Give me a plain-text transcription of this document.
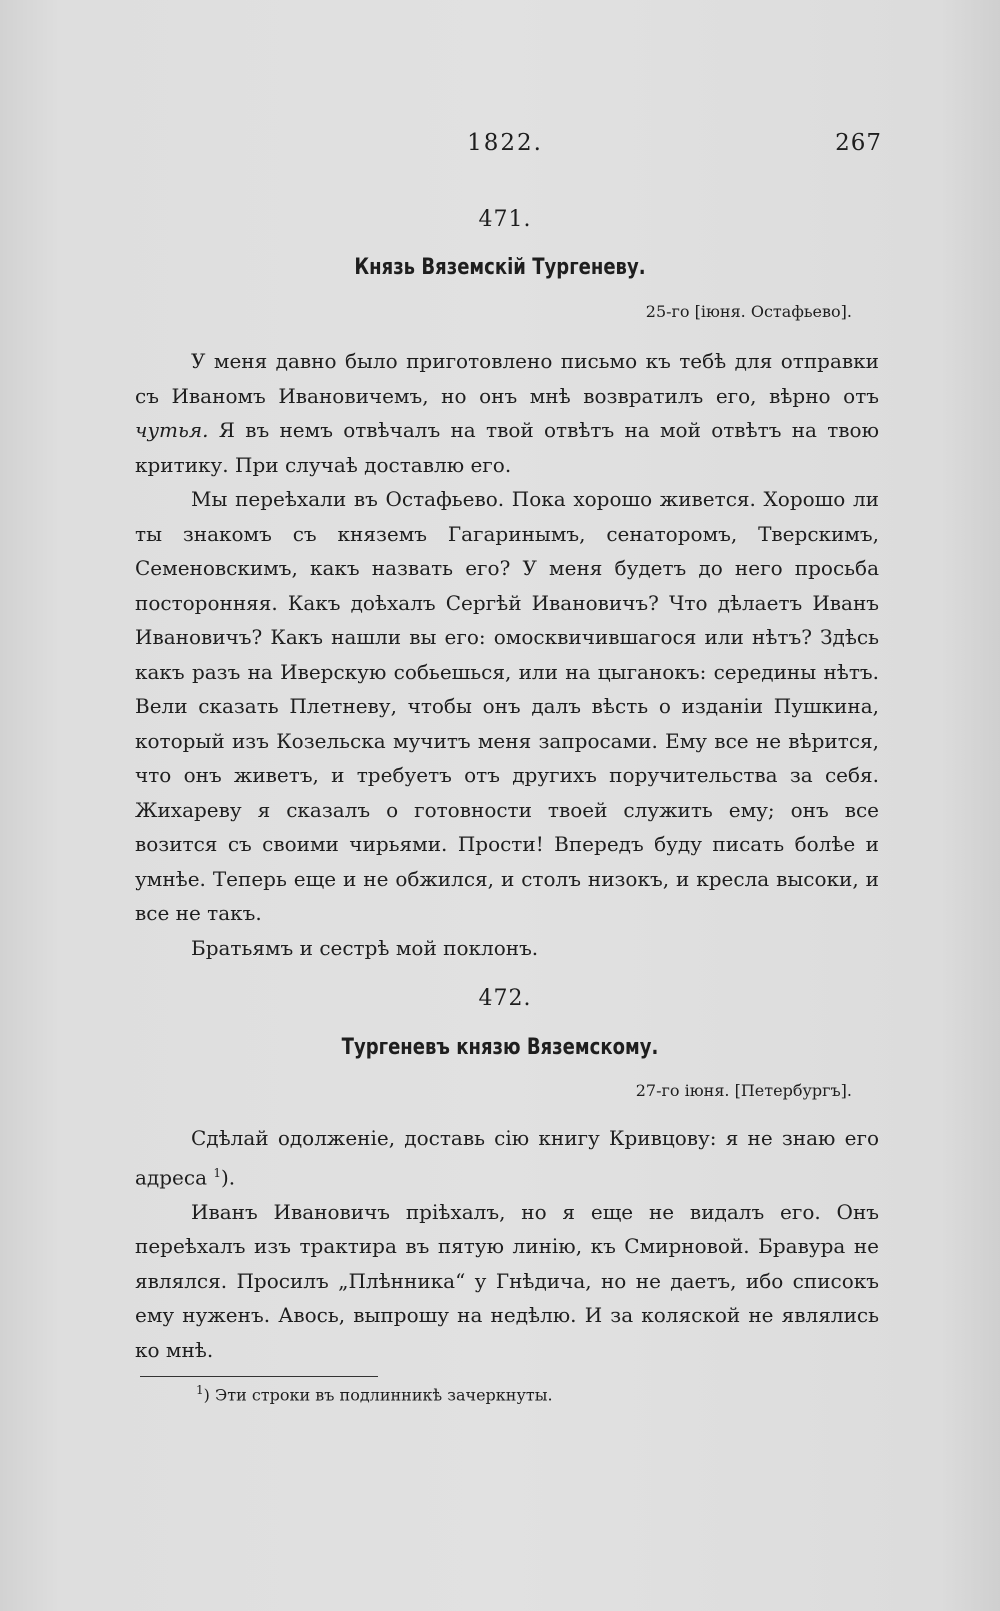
1822.	267
471.
Князь Вяземскій Тургеневу.
25-го [іюня. Остафьево].

У меня давно было приготовлено письмо къ тебѣ для отправки съ Иваномъ Ивановичемъ, но онъ мнѣ возвратилъ его, вѣрно отъ чутья. Я въ немъ отвѣчалъ на твой отвѣтъ на мой отвѣтъ на твою критику. При случаѣ доставлю его.

Мы переѣхали въ Остафьево. Пока хорошо живется. Хорошо ли ты знакомъ съ княземъ Гагаринымъ, сенаторомъ, Тверскимъ, Семеновскимъ, какъ назвать его? У меня будетъ до него просьба посторонняя. Какъ доѣхалъ Сергѣй Ивановичъ? Что дѣлаетъ Иванъ Ивановичъ? Какъ нашли вы его: омосквичившагося или нѣтъ? Здѣсь какъ разъ на Иверскую собьешься, или на цыганокъ: середины нѣтъ. Вели сказать Плетневу, чтобы онъ далъ вѣсть о изданіи Пушкина, который изъ Козельска мучитъ меня запросами. Ему все не вѣрится, что онъ живетъ, и требуетъ отъ другихъ поручительства за себя. Жихареву я сказалъ о готовности твоей служить ему; онъ все возится съ своими чирьями. Прости! Впередъ буду писать болѣе и умнѣе. Теперь еще и не обжился, и столъ низокъ, и кресла высоки, и все не такъ.

Братьямъ и сестрѣ мой поклонъ.

472.
Тургеневъ князю Вяземскому.
27-го іюня. [Петербургъ].

Сдѣлай одолженіе, доставь сію книгу Кривцову: я не знаю его адреса $^1$).

Иванъ Ивановичъ пріѣхалъ, но я еще не видалъ его. Онъ переѣхалъ изъ трактира въ пятую линію, къ Смирновой. Бравура не являлся. Просилъ „Плѣнника“ у Гнѣдича, но не даетъ, ибо списокъ ему нуженъ. Авось, выпрошу на недѣлю. И за коляской не являлись ко мнѣ.

$^1$) Эти строки въ подлинникѣ зачеркнуты.
